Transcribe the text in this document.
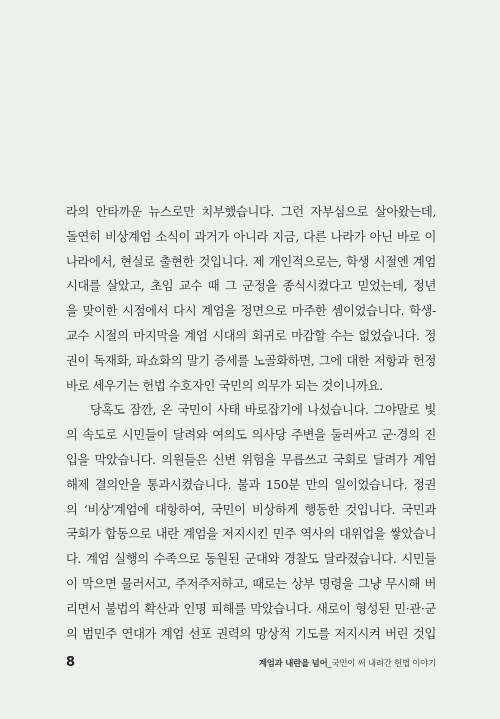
라의 안타까운 뉴스로만 치부했습니다. 그런 자부심으로 살아왔는데,
돌연히 비상계엄 소식이 과거가 아니라 지금, 다른 나라가 아닌 바로 이
나라에서, 현실로 출현한 것입니다. 제 개인적으로는, 학생 시절엔 계엄
시대를 살았고, 초임 교수 때 그 군정을 종식시켰다고 믿었는데, 정년
을 맞이한 시점에서 다시 계엄을 정면으로 마주한 셈이었습니다. 학생-
교수 시절의 마지막을 계엄 시대의 회귀로 마감할 수는 없었습니다. 정
권이 독재화, 파쇼화의 말기 증세를 노골화하면, 그에 대한 저항과 헌정
바로 세우기는 헌법 수호자인 국민의 의무가 되는 것이니까요.

당혹도 잠깐, 온 국민이 사태 바로잡기에 나섰습니다. 그야말로 빛
의 속도로 시민들이 달려와 여의도 의사당 주변을 둘러싸고 군·경의 진
입을 막았습니다. 의원들은 신변 위험을 무릅쓰고 국회로 달려가 계엄
해제 결의안을 통과시켰습니다. 불과 150분 만의 일이었습니다. 정권
의 ‘비상’계엄에 대항하여, 국민이 비상하게 행동한 것입니다. 국민과
국회가 합동으로 내란 계엄을 저지시킨 민주 역사의 대위업을 쌓았습니
다. 계엄 실행의 수족으로 동원된 군대와 경찰도 달라졌습니다. 시민들
이 막으면 물러서고, 주저주저하고, 때로는 상부 명령을 그냥 무시해 버
리면서 불법의 확산과 인명 피해를 막았습니다. 새로이 형성된 민·관·군
의 범민주 연대가 계엄 선포 권력의 망상적 기도를 저지시켜 버린 것입

8	계엄과 내란을 넘어_국민이 써 내려간 헌법 이야기
